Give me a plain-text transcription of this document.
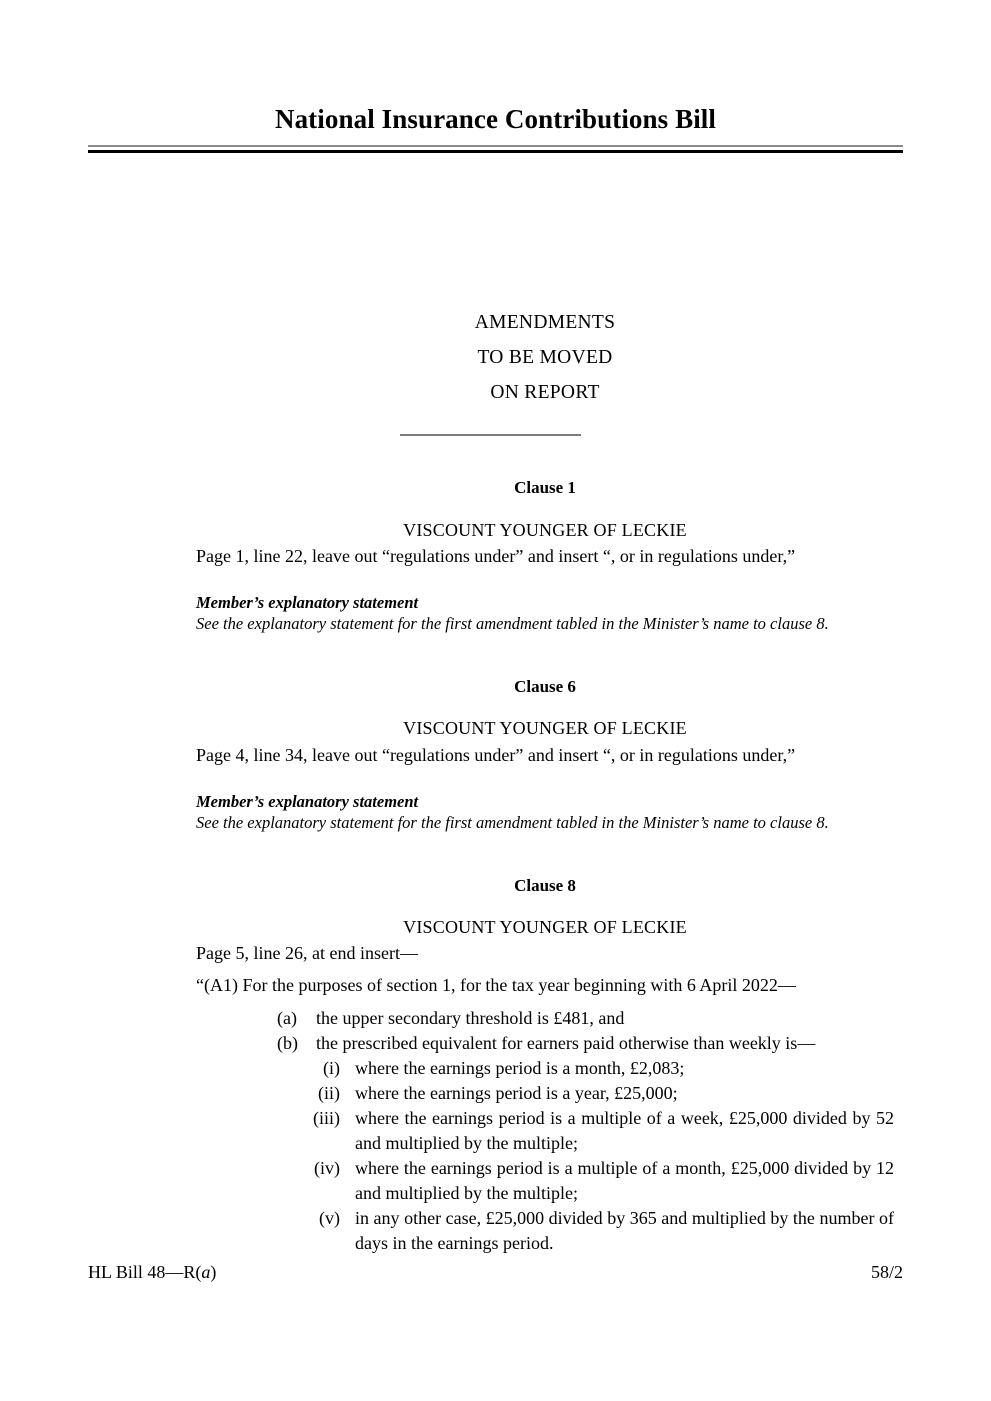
National Insurance Contributions Bill
AMENDMENTS
TO BE MOVED
ON REPORT
Clause 1
VISCOUNT YOUNGER OF LECKIE
Page 1, line 22, leave out “regulations under” and insert “, or in regulations under,”
Member’s explanatory statement
See the explanatory statement for the first amendment tabled in the Minister’s name to clause 8.
Clause 6
VISCOUNT YOUNGER OF LECKIE
Page 4, line 34, leave out “regulations under” and insert “, or in regulations under,”
Member’s explanatory statement
See the explanatory statement for the first amendment tabled in the Minister’s name to clause 8.
Clause 8
VISCOUNT YOUNGER OF LECKIE
Page 5, line 26, at end insert—
“(A1) For the purposes of section 1, for the tax year beginning with 6 April 2022—
(a)	the upper secondary threshold is £481, and
(b)	the prescribed equivalent for earners paid otherwise than weekly is—
(i) where the earnings period is a month, £2,083;
(ii) where the earnings period is a year, £25,000;
(iii) where the earnings period is a multiple of a week, £25,000 divided by 52 and multiplied by the multiple;
(iv) where the earnings period is a multiple of a month, £25,000 divided by 12 and multiplied by the multiple;
(v) in any other case, £25,000 divided by 365 and multiplied by the number of days in the earnings period.
HL Bill 48—R(a)	58/2
